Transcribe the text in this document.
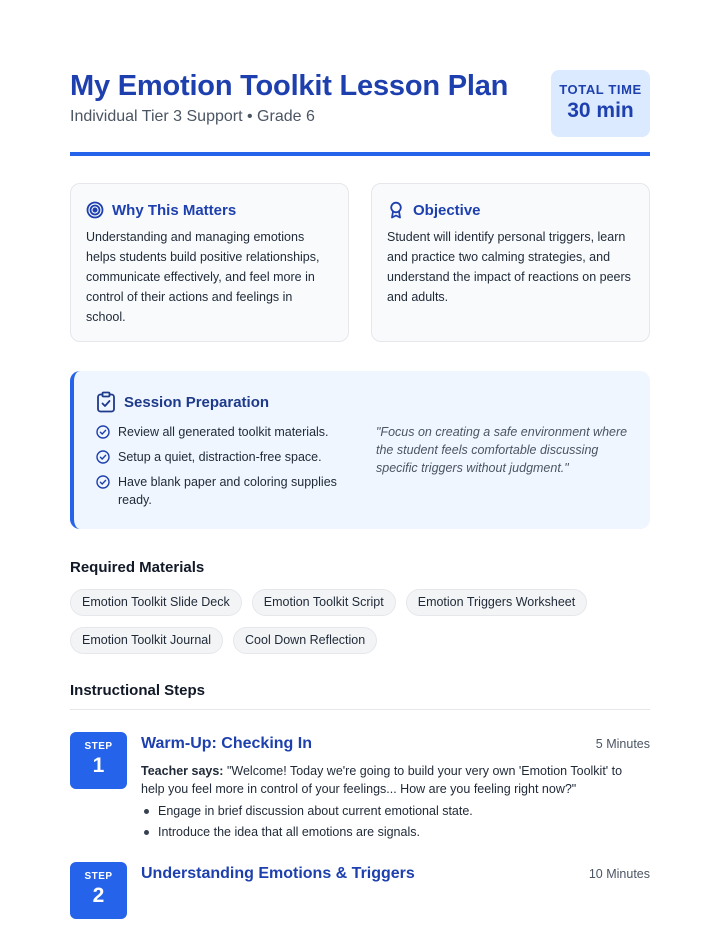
My Emotion Toolkit Lesson Plan
Individual Tier 3 Support • Grade 6
TOTAL TIME
30 min
Why This Matters
Understanding and managing emotions helps students build positive relationships, communicate effectively, and feel more in control of their actions and feelings in school.
Objective
Student will identify personal triggers, learn and practice two calming strategies, and understand the impact of reactions on peers and adults.
Session Preparation
Review all generated toolkit materials.
Setup a quiet, distraction-free space.
Have blank paper and coloring supplies ready.
"Focus on creating a safe environment where the student feels comfortable discussing specific triggers without judgment."
Required Materials
Emotion Toolkit Slide Deck	Emotion Toolkit Script	Emotion Triggers Worksheet
Emotion Toolkit Journal	Cool Down Reflection
Instructional Steps
STEP
1
Warm-Up: Checking In	5 Minutes
Teacher says: "Welcome! Today we're going to build your very own 'Emotion Toolkit' to help you feel more in control of your feelings... How are you feeling right now?"
Engage in brief discussion about current emotional state.
Introduce the idea that all emotions are signals.
STEP
2
Understanding Emotions & Triggers	10 Minutes
